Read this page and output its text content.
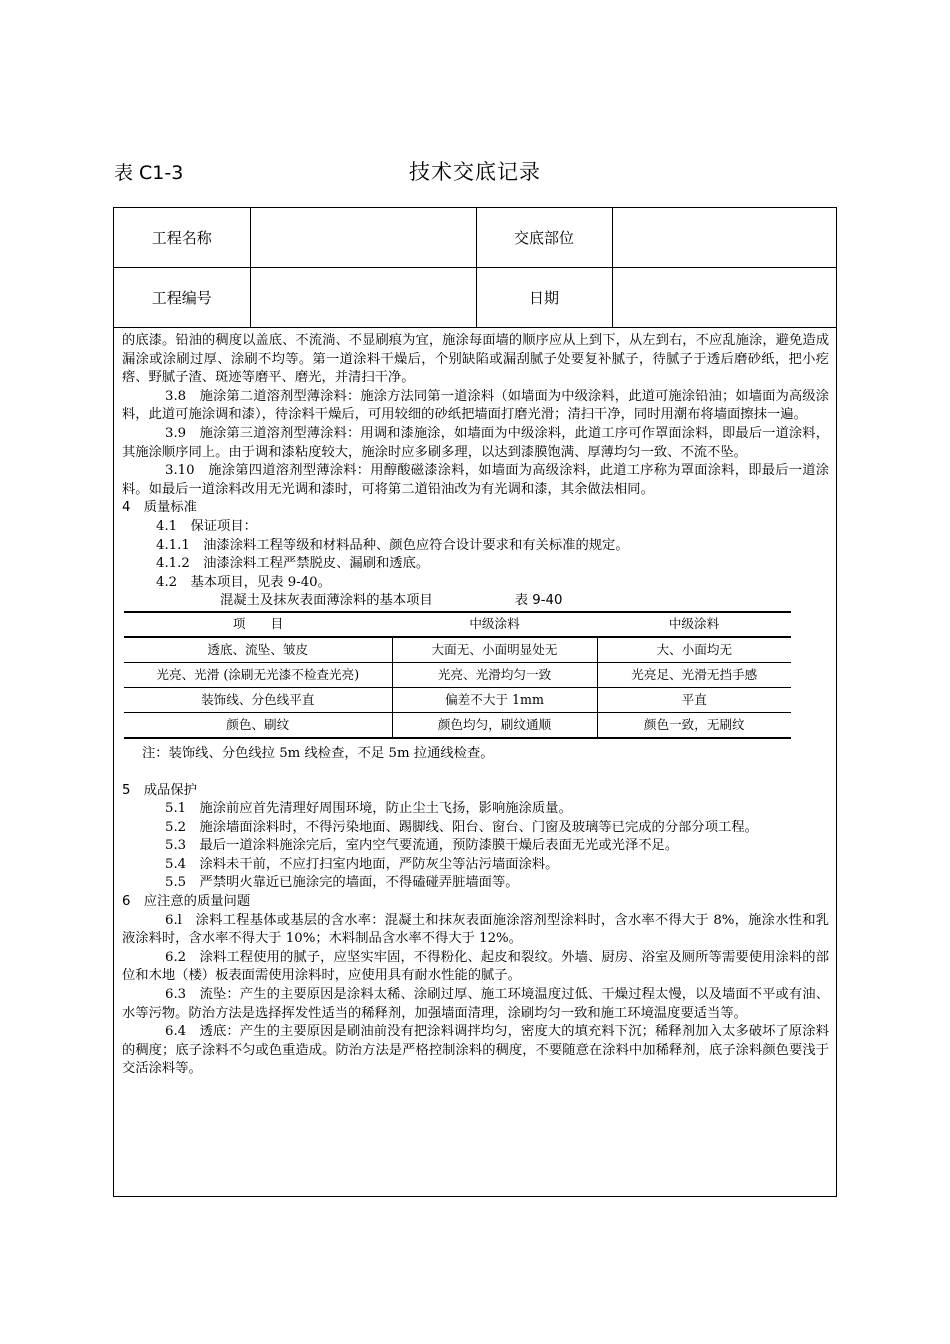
表 C1-3	技术交底记录
工程名称		交底部位	
工程编号		日期	

的底漆。铅油的稠度以盖底、不流淌、不显刷痕为宜，施涂每面墙的顺序应从上到下，从左到右，不应乱施涂，避免造成漏涂或涂刷过厚、涂刷不均等。第一道涂料干燥后，个别缺陷或漏刮腻子处要复补腻子，待腻子于透后磨砂纸，把小疙瘩、野腻子渣、斑迹等磨平、磨光，并清扫干净。

3.8　施涂第二道溶剂型薄涂料：施涂方法同第一道涂料（如墙面为中级涂料，此道可施涂铅油；如墙面为高级涂料，此道可施涂调和漆），待涂料干燥后，可用较细的砂纸把墙面打磨光滑；清扫干净，同时用潮布将墙面擦抹一遍。

3.9　施涂第三道溶剂型薄涂料：用调和漆施涂，如墙面为中级涂料，此道工序可作罩面涂料，即最后一道涂料，其施涂顺序同上。由于调和漆粘度较大，施涂时应多刷多理，以达到漆膜饱满、厚薄均匀一致、不流不坠。

3.10　施涂第四道溶剂型薄涂料：用醇酸磁漆涂料，如墙面为高级涂料，此道工序称为罩面涂料，即最后一道涂料。如最后一道涂料改用无光调和漆时，可将第二道铅油改为有光调和漆，其余做法相同。

4　质量标准

4.1　保证项目：

4.1.1　油漆涂料工程等级和材料品种、颜色应符合设计要求和有关标准的规定。

4.1.2　油漆涂料工程严禁脱皮、漏刷和透底。

4.2　基本项目，见表 9-40。

混凝土及抹灰表面薄涂料的基本项目	表 9-40

项　　目	中级涂料	中级涂料
透底、流坠、皱皮	大面无、小面明显处无	大、小面均无
光亮、光滑 (涂刷无光漆不检查光亮)	光亮、光滑均匀一致	光亮足、光滑无挡手感
装饰线、分色线平直	偏差不大于 1mm	平直
颜色、刷纹	颜色均匀，刷纹通顺	颜色一致，无刷纹

注：装饰线、分色线拉 5m 线检查，不足 5m 拉通线检查。

5　成品保护

5.1　施涂前应首先清理好周围环境，防止尘土飞扬，影响施涂质量。

5.2　施涂墙面涂料时，不得污染地面、踢脚线、阳台、窗台、门窗及玻璃等已完成的分部分项工程。

5.3　最后一道涂料施涂完后，室内空气要流通，预防漆膜干燥后表面无光或光泽不足。

5.4　涂料未干前，不应打扫室内地面，严防灰尘等沾污墙面涂料。

5.5　严禁明火靠近已施涂完的墙面，不得磕碰弄脏墙面等。

6　应注意的质量问题

6.l　涂料工程基体或基层的含水率：混凝土和抹灰表面施涂溶剂型涂料时，含水率不得大于 8%，施涂水性和乳液涂料时，含水率不得大于 10%；木料制品含水率不得大于 12%。

6.2　涂料工程使用的腻子，应坚实牢固，不得粉化、起皮和裂纹。外墙、厨房、浴室及厕所等需要使用涂料的部位和木地（楼）板表面需使用涂料时，应使用具有耐水性能的腻子。

6.3　流坠：产生的主要原因是涂料太稀、涂刷过厚、施工环境温度过低、干燥过程太慢，以及墙面不平或有油、水等污物。防治方法是选择挥发性适当的稀释剂，加强墙面清理，涂刷均匀一致和施工环境温度要适当等。

6.4　透底：产生的主要原因是刷油前没有把涂料调拌均匀，密度大的填充料下沉；稀释剂加入太多破坏了原涂料的稠度；底子涂料不匀或色重造成。防治方法是严格控制涂料的稠度，不要随意在涂料中加稀释剂，底子涂料颜色要浅于交活涂料等。
